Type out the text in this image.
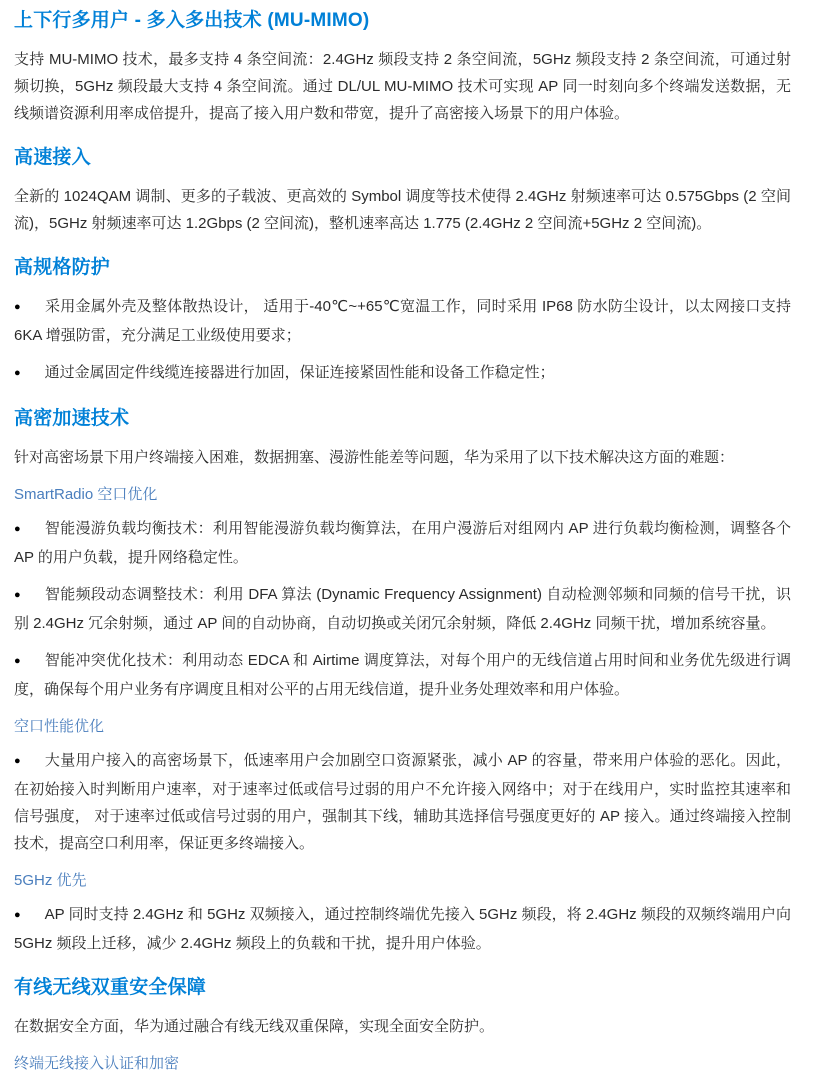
上下行多用户 - 多入多出技术 (MU-MIMO)

支持 MU-MIMO 技术，最多支持 4 条空间流：2.4GHz 频段支持 2 条空间流，5GHz 频段支持 2 条空间流，可通过射频切换，5GHz 频段最大支持 4 条空间流。通过 DL/UL MU-MIMO 技术可实现 AP 同一时刻向多个终端发送数据，无线频谱资源利用率成倍提升，提高了接入用户数和带宽，提升了高密接入场景下的用户体验。

高速接入

全新的 1024QAM 调制、更多的子载波、更高效的 Symbol 调度等技术使得 2.4GHz 射频速率可达 0.575Gbps (2 空间流)，5GHz 射频速率可达 1.2Gbps (2 空间流)，整机速率高达 1.775 (2.4GHz 2 空间流+5GHz 2 空间流)。

高规格防护
● 采用金属外壳及整体散热设计， 适用于-40℃~+65℃宽温工作，同时采用 IP68 防水防尘设计，以太网接口支持 6KA 增强防雷，充分满足工业级使用要求；
● 通过金属固定件线缆连接器进行加固，保证连接紧固性能和设备工作稳定性；
高密加速技术

针对高密场景下用户终端接入困难，数据拥塞、漫游性能差等问题，华为采用了以下技术解决这方面的难题：

SmartRadio 空口优化
● 智能漫游负载均衡技术：利用智能漫游负载均衡算法，在用户漫游后对组网内 AP 进行负载均衡检测，调整各个 AP 的用户负载，提升网络稳定性。
● 智能频段动态调整技术：利用 DFA 算法 (Dynamic Frequency Assignment) 自动检测邻频和同频的信号干扰，识别 2.4GHz 冗余射频，通过 AP 间的自动协商，自动切换或关闭冗余射频，降低 2.4GHz 同频干扰，增加系统容量。
● 智能冲突优化技术：利用动态 EDCA 和 Airtime 调度算法，对每个用户的无线信道占用时间和业务优先级进行调度，确保每个用户业务有序调度且相对公平的占用无线信道，提升业务处理效率和用户体验。
空口性能优化
● 大量用户接入的高密场景下，低速率用户会加剧空口资源紧张，减小 AP 的容量，带来用户体验的恶化。因此，在初始接入时判断用户速率，对于速率过低或信号过弱的用户不允许接入网络中；对于在线用户，实时监控其速率和信号强度， 对于速率过低或信号过弱的用户，强制其下线，辅助其选择信号强度更好的 AP 接入。通过终端接入控制技术，提高空口利用率，保证更多终端接入。
5GHz 优先
● AP 同时支持 2.4GHz 和 5GHz 双频接入，通过控制终端优先接入 5GHz 频段，将 2.4GHz 频段的双频终端用户向 5GHz 频段上迁移，减少 2.4GHz 频段上的负载和干扰，提升用户体验。
有线无线双重安全保障

在数据安全方面，华为通过融合有线无线双重保障，实现全面安全防护。

终端无线接入认证和加密
